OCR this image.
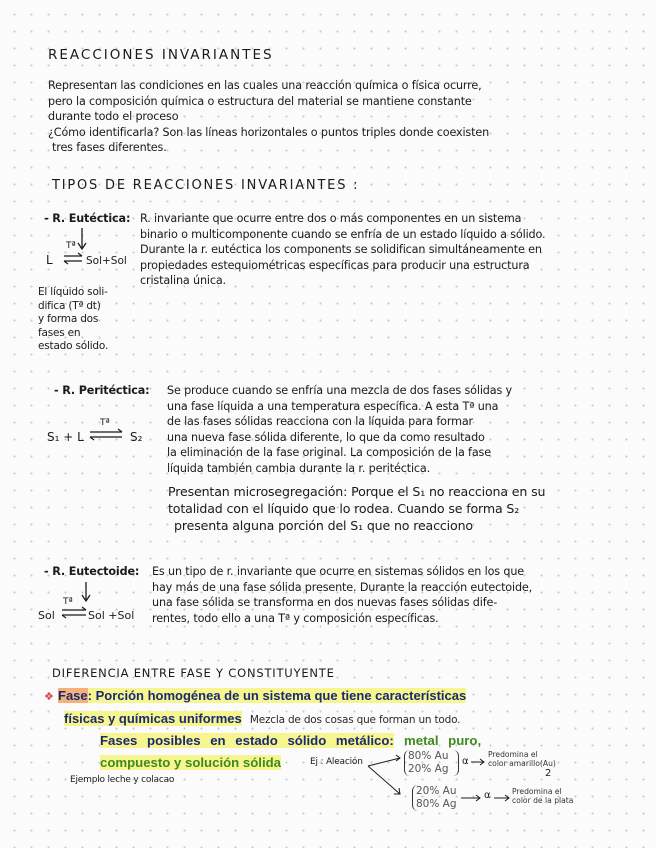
REACCIONES INVARIANTES
Representan las condiciones en las cuales una reacción química o física ocurre,
pero la composición química o estructura del material se mantiene constante
durante todo el proceso
¿Cómo identificarla? Son las líneas horizontales o puntos triples donde coexisten
tres fases diferentes.
TIPOS DE REACCIONES INVARIANTES :
- R. Eutéctica: R. invariante que ocurre entre dos o más componentes en un sistema
binario o multicomponente cuando se enfría de un estado líquido a sólido.
Durante la r. eutéctica los components se solidifican simultáneamente en
propiedades estequiométricas específicas para producir una estructura
cristalina única.
Tª
L	Sol+Sol
El líquido soli-
difica (Tª dt)
y forma dos
fases en
estado sólido.
- R. Peritéctica: Se produce cuando se enfría una mezcla de dos fases sólidas y
una fase líquida a una temperatura específica. A esta Tª una
de las fases sólidas reacciona con la líquida para formar
una nueva fase sólida diferente, lo que da como resultado
la eliminación de la fase original. La composición de la fase
líquida también cambia durante la r. peritéctica.
Presentan microsegregación: Porque el S₁ no reacciona en su
totalidad con el líquido que lo rodea. Cuando se forma S₂
presenta alguna porción del S₁ que no reacciono
Tª
S₁ + L	S₂
- R. Eutectoide: Es un tipo de r. invariante que ocurre en sistemas sólidos en los que
hay más de una fase sólida presente. Durante la reacción eutectoide,
una fase sólida se transforma en dos nuevas fases sólidas dife-
rentes, todo ello a una Tª y composición específicas.
Tª
Sol	Sol +Sol
DIFERENCIA ENTRE FASE Y CONSTITUYENTE
❖ Fase: Porción homogénea de un sistema que tiene características
físicas y químicas uniformes Mezcla de dos cosas que forman un todo.
Fases posibles en estado sólido metálico: metal puro,
compuesto y solución sólida	Ej : Aleación
Ejemplo leche y colacao
80% Au
20% Ag
α
Predomina el
color amarillo(Au)
2
20% Au
80% Ag
α	Predomina el
color de la plata
